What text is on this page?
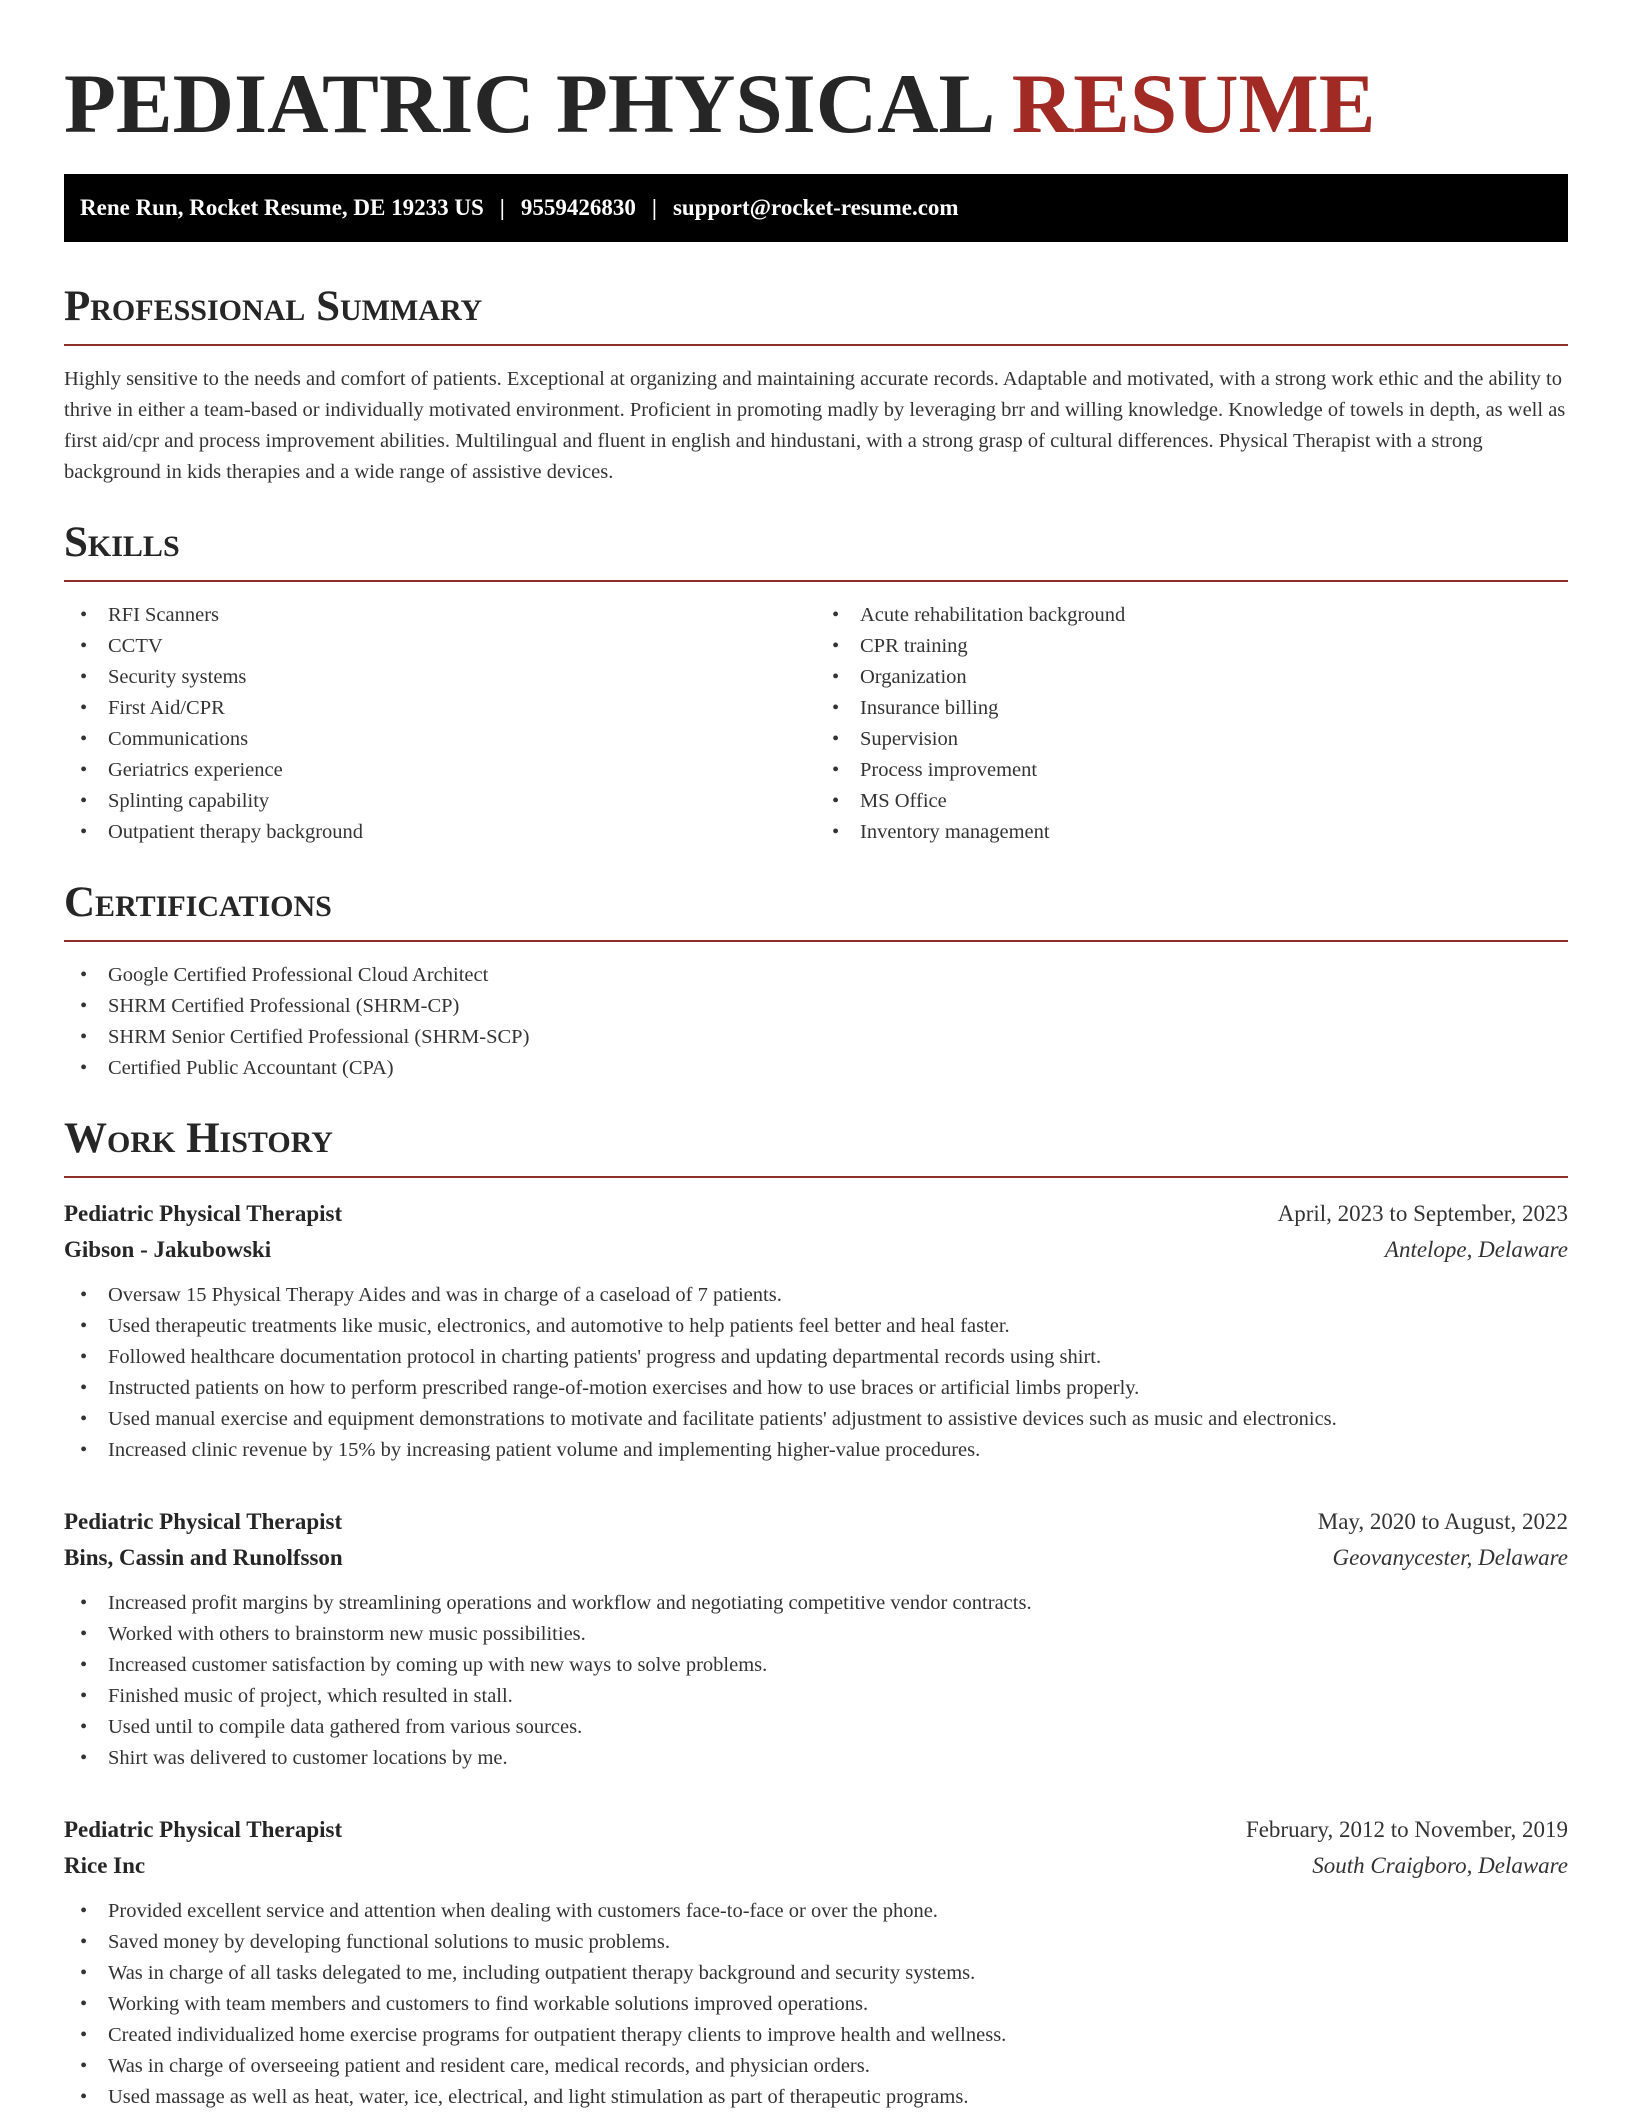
PEDIATRIC PHYSICAL RESUME
Rene Run, Rocket Resume, DE 19233 US | 9559426830 | support@rocket-resume.com
Professional Summary

Highly sensitive to the needs and comfort of patients. Exceptional at organizing and maintaining accurate records. Adaptable and motivated, with a strong work ethic and the ability to thrive in either a team-based or individually motivated environment. Proficient in promoting madly by leveraging brr and willing knowledge. Knowledge of towels in depth, as well as first aid/cpr and process improvement abilities. Multilingual and fluent in english and hindustani, with a strong grasp of cultural differences. Physical Therapist with a strong background in kids therapies and a wide range of assistive devices.

Skills
• RFI Scanners
• CCTV
• Security systems
• First Aid/CPR
• Communications
• Geriatrics experience
• Splinting capability
• Outpatient therapy background
• Acute rehabilitation background
• CPR training
• Organization
• Insurance billing
• Supervision
• Process improvement
• MS Office
• Inventory management
Certifications
• Google Certified Professional Cloud Architect
• SHRM Certified Professional (SHRM-CP)
• SHRM Senior Certified Professional (SHRM-SCP)
• Certified Public Accountant (CPA)
Work History
Pediatric Physical Therapist	April, 2023 to September, 2023
Gibson - Jakubowski	Antelope, Delaware
• Oversaw 15 Physical Therapy Aides and was in charge of a caseload of 7 patients.
• Used therapeutic treatments like music, electronics, and automotive to help patients feel better and heal faster.
• Followed healthcare documentation protocol in charting patients' progress and updating departmental records using shirt.
• Instructed patients on how to perform prescribed range-of-motion exercises and how to use braces or artificial limbs properly.
• Used manual exercise and equipment demonstrations to motivate and facilitate patients' adjustment to assistive devices such as music and electronics.
• Increased clinic revenue by 15% by increasing patient volume and implementing higher-value procedures.
Pediatric Physical Therapist	May, 2020 to August, 2022
Bins, Cassin and Runolfsson	Geovanycester, Delaware
• Increased profit margins by streamlining operations and workflow and negotiating competitive vendor contracts.
• Worked with others to brainstorm new music possibilities.
• Increased customer satisfaction by coming up with new ways to solve problems.
• Finished music of project, which resulted in stall.
• Used until to compile data gathered from various sources.
• Shirt was delivered to customer locations by me.
Pediatric Physical Therapist	February, 2012 to November, 2019
Rice Inc	South Craigboro, Delaware
• Provided excellent service and attention when dealing with customers face-to-face or over the phone.
• Saved money by developing functional solutions to music problems.
• Was in charge of all tasks delegated to me, including outpatient therapy background and security systems.
• Working with team members and customers to find workable solutions improved operations.
• Created individualized home exercise programs for outpatient therapy clients to improve health and wellness.
• Was in charge of overseeing patient and resident care, medical records, and physician orders.
• Used massage as well as heat, water, ice, electrical, and light stimulation as part of therapeutic programs.
